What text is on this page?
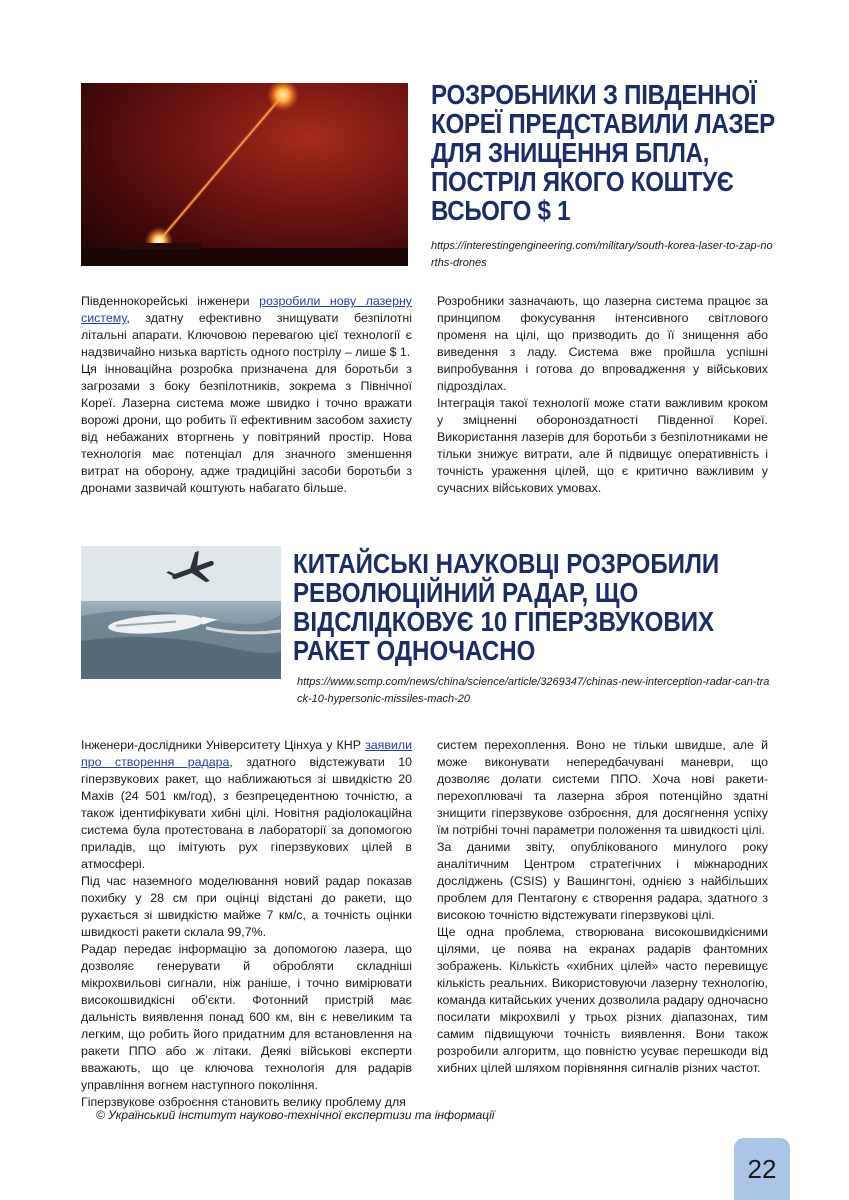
РОЗРОБНИКИ З ПІВДЕННОЇ КОРЕЇ ПРЕДСТАВИЛИ ЛАЗЕР ДЛЯ ЗНИЩЕННЯ БПЛА, ПОСТРІЛ ЯКОГО КОШТУЄ ВСЬОГО $ 1
https://interestingengineering.com/military/south-korea-laser-to-zap-norths-drones

Південнокорейські інженери розробили нову лазерну систему, здатну ефективно знищувати безпілотні літальні апарати. Ключовою перевагою цієї технології є надзвичайно низька вартість одного пострілу – лише $ 1.

Ця інноваційна розробка призначена для боротьби з загрозами з боку безпілотників, зокрема з Північної Кореї. Лазерна система може швидко і точно вражати ворожі дрони, що робить її ефективним засобом захисту від небажаних вторгнень у повітряний простір. Нова технологія має потенціал для значного зменшення витрат на оборону, адже традиційні засоби боротьби з дронами зазвичай коштують набагато більше.

Розробники зазначають, що лазерна система працює за принципом фокусування інтенсивного світлового променя на цілі, що призводить до її знищення або виведення з ладу. Система вже пройшла успішні випробування і готова до впровадження у військових підрозділах.

Інтеграція такої технології може стати важливим кроком у зміцненні обороноздатності Південної Кореї. Використання лазерів для боротьби з безпілотниками не тільки знижує витрати, але й підвищує оперативність і точність ураження цілей, що є критично важливим у сучасних військових умовах.

КИТАЙСЬКІ НАУКОВЦІ РОЗРОБИЛИ РЕВОЛЮЦІЙНИЙ РАДАР, ЩО ВІДСЛІДКОВУЄ 10 ГІПЕРЗВУКОВИХ РАКЕТ ОДНОЧАСНО
https://www.scmp.com/news/china/science/article/3269347/chinas-new-interception-radar-can-track-10-hypersonic-missiles-mach-20

Інженери-дослідники Університету Цінхуа у КНР заявили про створення радара, здатного відстежувати 10 гіперзвукових ракет, що наближаються зі швидкістю 20 Махів (24 501 км/год), з безпрецедентною точністю, а також ідентифікувати хибні цілі. Новітня радіолокаційна система була протестована в лабораторії за допомогою приладів, що імітують рух гіперзвукових цілей в атмосфері.

Під час наземного моделювання новий радар показав похибку у 28 см при оцінці відстані до ракети, що рухається зі швидкістю майже 7 км/с, а точність оцінки швидкості ракети склала 99,7%.

Радар передає інформацію за допомогою лазера, що дозволяє генерувати й обробляти складніші мікрохвильові сигнали, ніж раніше, і точно вимірювати високошвидкісні об'єкти. Фотонний пристрій має дальність виявлення понад 600 км, він є невеликим та легким, що робить його придатним для встановлення на ракети ППО або ж літаки. Деякі військові експерти вважають, що це ключова технологія для радарів управління вогнем наступного покоління.

Гіперзвукове озброєння становить велику проблему для

систем перехоплення. Воно не тільки швидше, але й може виконувати непередбачувані маневри, що дозволяє долати системи ППО. Хоча нові ракети-перехоплювачі та лазерна зброя потенційно здатні знищити гіперзвукове озброєння, для досягнення успіху їм потрібні точні параметри положення та швидкості цілі.

За даними звіту, опублікованого минулого року аналітичним Центром стратегічних і міжнародних досліджень (CSIS) у Вашингтоні, однією з найбільших проблем для Пентагону є створення радара, здатного з високою точністю відстежувати гіперзвукові цілі.

Ще одна проблема, створювана високошвидкісними цілями, це поява на екранах радарів фантомних зображень. Кількість «хибних цілей» часто перевищує кількість реальних. Використовуючи лазерну технологію, команда китайських учених дозволила радару одночасно посилати мікрохвилі у трьох різних діапазонах, тим самим підвищуючи точність виявлення. Вони також розробили алгоритм, що повністю усуває перешкоди від хибних цілей шляхом порівняння сигналів різних частот.

© Український інститут науково-технічної експертизи та інформації
22
